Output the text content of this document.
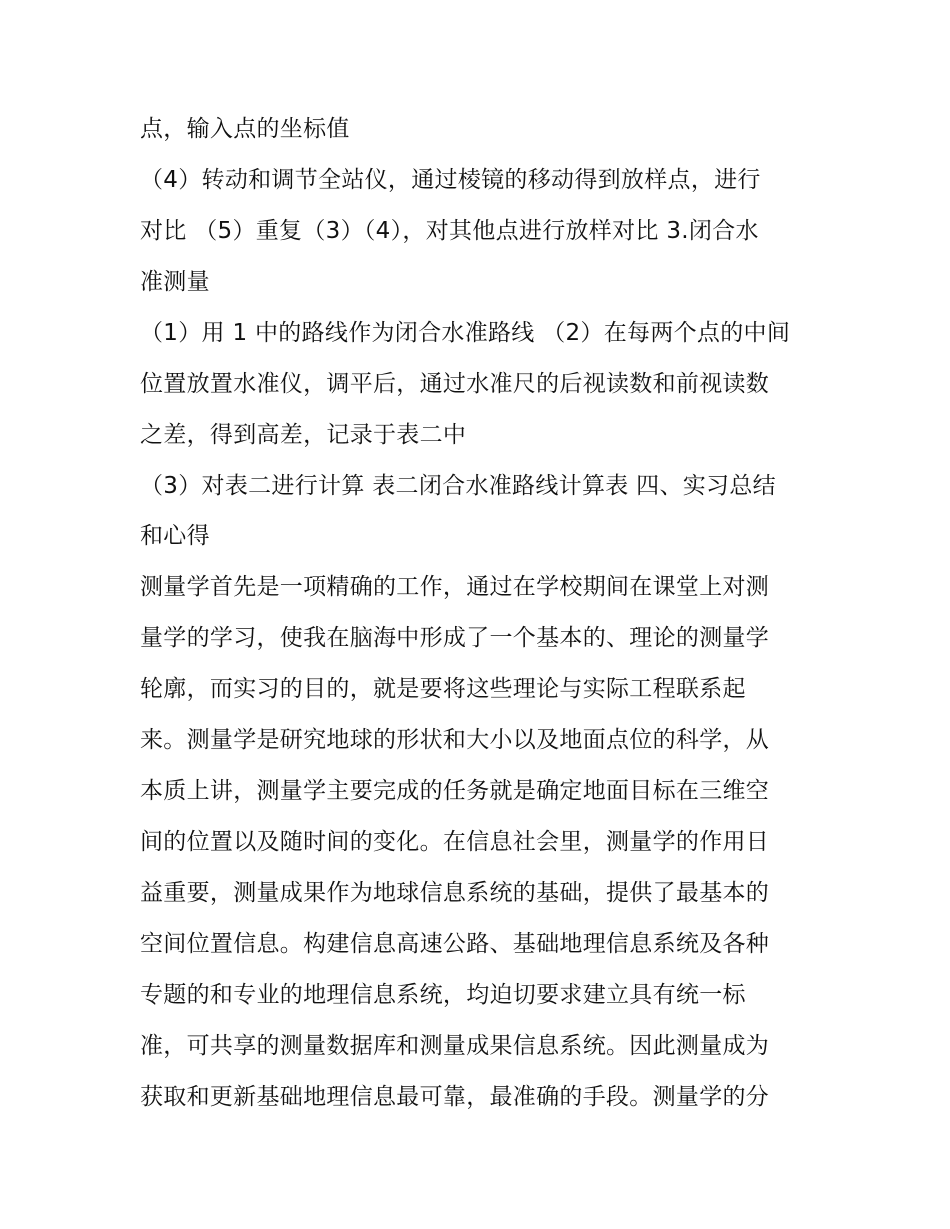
点，输入点的坐标值
（4）转动和调节全站仪，通过棱镜的移动得到放样点，进行
对比 （5）重复（3）（4），对其他点进行放样对比 3.闭合水
准测量
（1）用 1 中的路线作为闭合水准路线 （2）在每两个点的中间
位置放置水准仪，调平后，通过水准尺的后视读数和前视读数
之差，得到高差，记录于表二中
（3）对表二进行计算 表二闭合水准路线计算表 四、实习总结
和心得
测量学首先是一项精确的工作，通过在学校期间在课堂上对测
量学的学习，使我在脑海中形成了一个基本的、理论的测量学
轮廓，而实习的目的，就是要将这些理论与实际工程联系起
来。测量学是研究地球的形状和大小以及地面点位的科学，从
本质上讲，测量学主要完成的任务就是确定地面目标在三维空
间的位置以及随时间的变化。在信息社会里，测量学的作用日
益重要，测量成果作为地球信息系统的基础，提供了最基本的
空间位置信息。构建信息高速公路、基础地理信息系统及各种
专题的和专业的地理信息系统，均迫切要求建立具有统一标
准，可共享的测量数据库和测量成果信息系统。因此测量成为
获取和更新基础地理信息最可靠，最准确的手段。测量学的分
